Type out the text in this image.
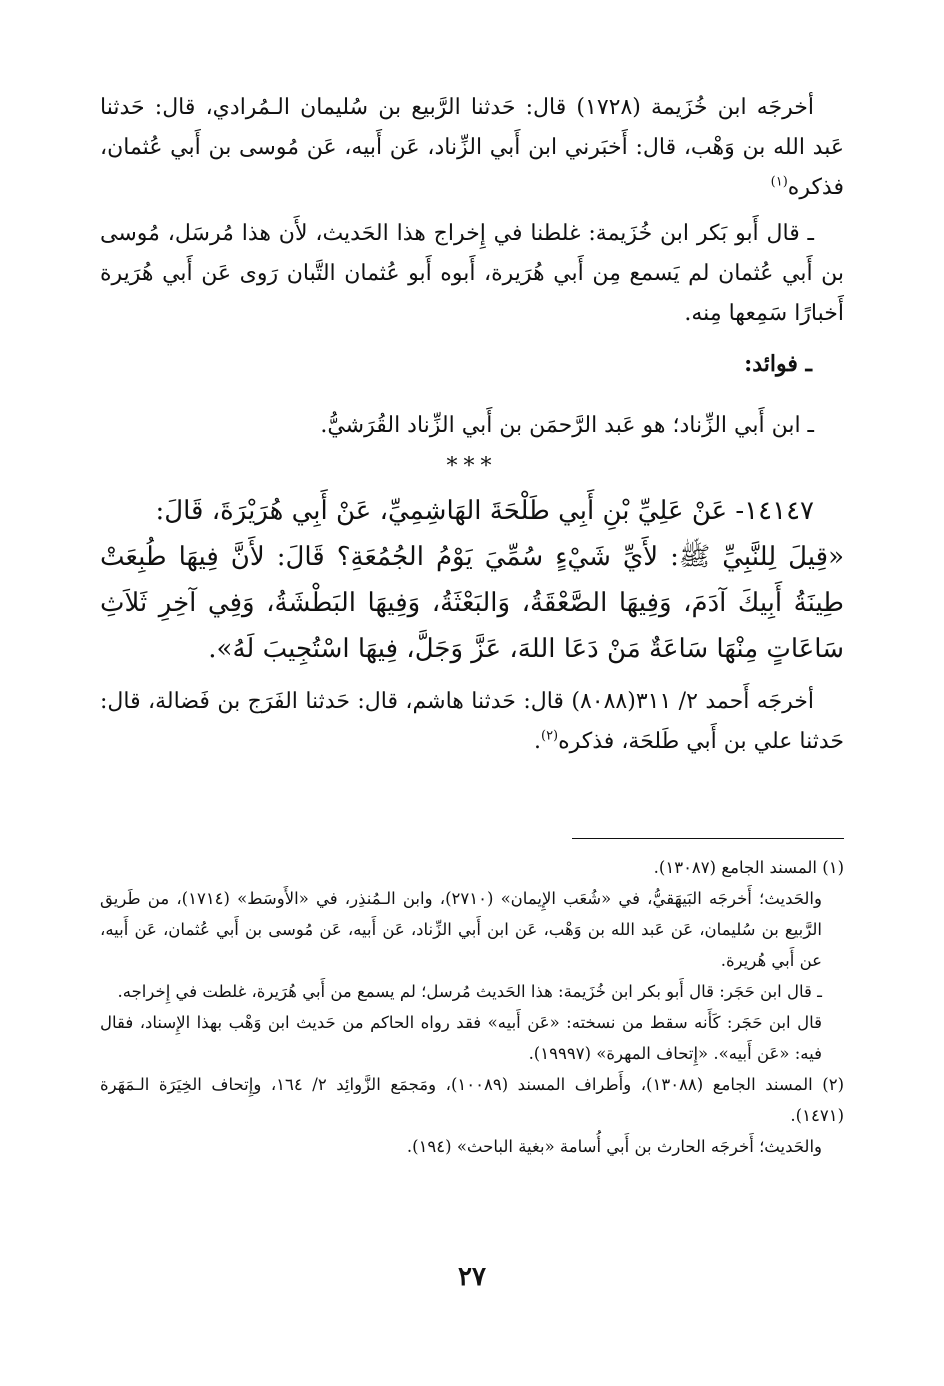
أخرجَه ابن خُزَيمة (١٧٢٨) قال: حَدثنا الرَّبيع بن سُليمان الـمُرادي، قال: حَدثنا عَبد الله بن وَهْب، قال: أَخبَرني ابن أَبي الزِّناد، عَن أَبيه، عَن مُوسى بن أَبي عُثمان، فذكره$^{(١)}$

ـ قال أَبو بَكر ابن خُزَيمة: غلطنا في إِخراج هذا الحَديث، لأَن هذا مُرسَل، مُوسى بن أَبي عُثمان لم يَسمع مِن أَبي هُرَيرة، أَبوه أَبو عُثمان التَّبان رَوى عَن أَبي هُرَيرة أَخبارًا سَمِعها مِنه.

ـ فوائد:

ـ ابن أَبي الزِّناد؛ هو عَبد الرَّحمَن بن أَبي الزِّناد القُرَشيُّ.

***

١٤١٤٧- عَنْ عَلِيِّ بْنِ أَبِي طَلْحَةَ الهَاشِمِيِّ، عَنْ أَبِي هُرَيْرَةَ، قَالَ:

«قِيلَ لِلنَّبِيِّ ﷺ: لأَيِّ شَيْءٍ سُمِّيَ يَوْمُ الجُمُعَةِ؟ قَالَ: لأَنَّ فِيهَا طُبِعَتْ طِينَةُ أَبِيكَ آدَمَ، وَفِيهَا الصَّعْقَةُ، وَالبَعْثَةُ، وَفِيهَا البَطْشَةُ، وَفِي آخِرِ ثَلاَثِ سَاعَاتٍ مِنْهَا سَاعَةٌ مَنْ دَعَا اللهَ، عَزَّ وَجَلَّ، فِيهَا اسْتُجِيبَ لَهُ».

أخرجَه أَحمد ٢/ ٣١١(٨٠٨٨) قال: حَدثنا هاشم، قال: حَدثنا الفَرَج بن فَضالة، قال: حَدثنا علي بن أَبي طَلحَة، فذكره$^{(٢)}$.

(١) المسند الجامع (١٣٠٨٧).

والحَديث؛ أَخرجَه البَيهَقيُّ، في «شُعَب الإِيمان» (٢٧١٠)، وابن الـمُنذِر، في «الأَوسَط» (١٧١٤)، من طَريق الرَّبيع بن سُليمان، عَن عَبد الله بن وَهْب، عَن ابن أَبي الزِّناد، عَن أَبيه، عَن مُوسى بن أَبي عُثمان، عَن أَبيه، عن أَبي هُريرة.

ـ قال ابن حَجَر: قال أَبو بكر ابن خُزَيمة: هذا الحَديث مُرسل؛ لم يسمع من أَبي هُرَيرة، غلطت في إِخراجه.

قال ابن حَجَر: كَأَنه سقط من نسخته: «عَن أَبيه» فقد رواه الحاكم من حَديث ابن وَهْب بهذا الإِسناد، فقال فيه: «عَن أَبيه». «إِتحاف المهرة» (١٩٩٩٧).

(٢) المسند الجامع (١٣٠٨٨)، وأَطراف المسند (١٠٠٨٩)، ومَجمَع الزَّوائِد ٢/ ١٦٤، وإِتحاف الخِيَرَة الـمَهَرة (١٤٧١).

والحَديث؛ أَخرجَه الحارث بن أَبي أُسامة «بغية الباحث» (١٩٤).

٢٧
